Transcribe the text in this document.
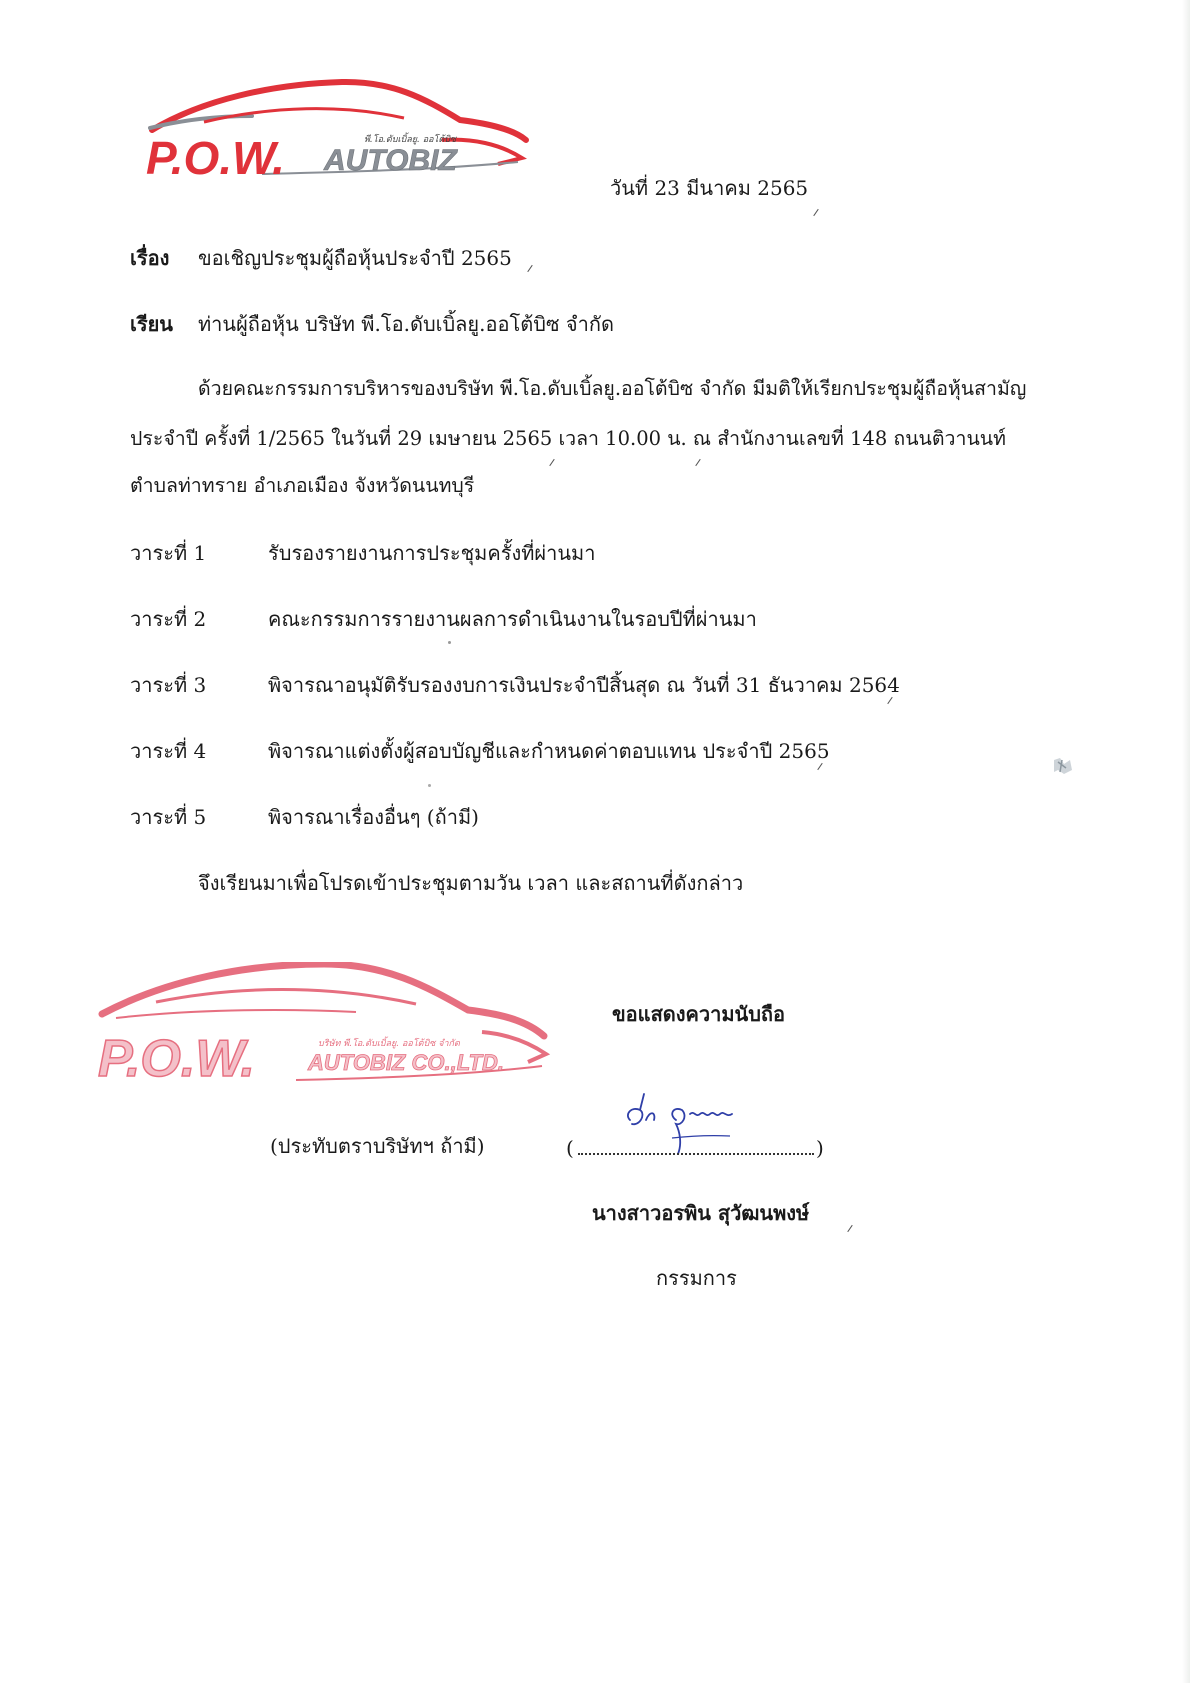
P.O.W. AUTOBIZ
พี.โอ.ดับเบิ้ลยู. ออโต้บิซ
วันที่ 23 มีนาคม 2565
เรื่อง ขอเชิญประชุมผู้ถือหุ้นประจำปี 2565
เรียน ท่านผู้ถือหุ้น บริษัท พี.โอ.ดับเบิ้ลยู.ออโต้บิซ จำกัด
ด้วยคณะกรรมการบริหารของบริษัท พี.โอ.ดับเบิ้ลยู.ออโต้บิซ จำกัด มีมติให้เรียกประชุมผู้ถือหุ้นสามัญ
ประจำปี ครั้งที่ 1/2565 ในวันที่ 29 เมษายน 2565 เวลา 10.00 น. ณ สำนักงานเลขที่ 148 ถนนติวานนท์
ตำบลท่าทราย อำเภอเมือง จังหวัดนนทบุรี
วาระที่ 1	รับรองรายงานการประชุมครั้งที่ผ่านมา
วาระที่ 2	คณะกรรมการรายงานผลการดำเนินงานในรอบปีที่ผ่านมา
วาระที่ 3	พิจารณาอนุมัติรับรองงบการเงินประจำปีสิ้นสุด ณ วันที่ 31 ธันวาคม 2564
วาระที่ 4	พิจารณาแต่งตั้งผู้สอบบัญชีและกำหนดค่าตอบแทน ประจำปี 2565
วาระที่ 5	พิจารณาเรื่องอื่นๆ (ถ้ามี)
จึงเรียนมาเพื่อโปรดเข้าประชุมตามวัน เวลา และสถานที่ดังกล่าว
P.O.W. AUTOBIZ CO.,LTD.
บริษัท พี.โอ.ดับเบิ้ลยู. ออโต้บิซ จำกัด
(ประทับตราบริษัทฯ ถ้ามี)
ขอแสดงความนับถือ
(	)
นางสาวอรพิน สุวัฒนพงษ์
กรรมการ
